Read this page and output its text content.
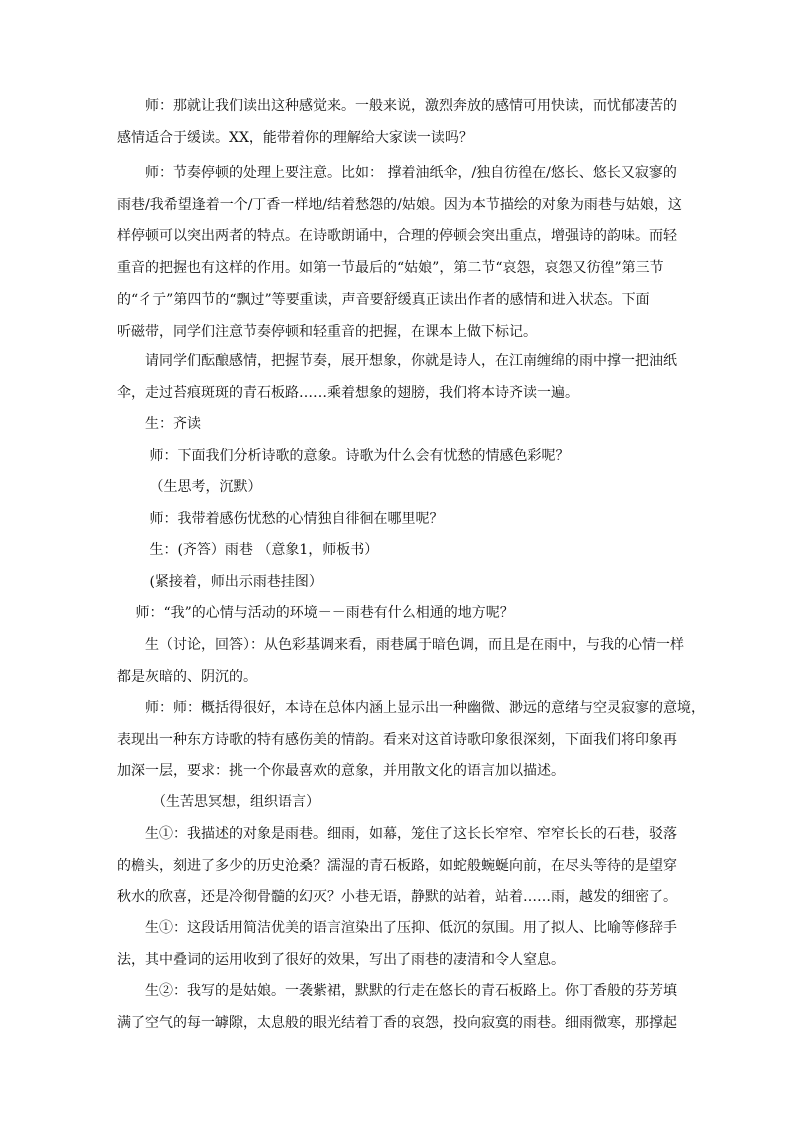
　　师：那就让我们读出这种感觉来。一般来说，激烈奔放的感情可用快读，而忧郁凄苦的
感情适合于缓读。XX，能带着你的理解给大家读一读吗？

　　师：节奏停顿的处理上要注意。比如： 撑着油纸伞，/独自彷徨在/悠长、悠长又寂寥的
雨巷/我希望逢着一个/丁香一样地/结着愁怨的/姑娘。因为本节描绘的对象为雨巷与姑娘，这
样停顿可以突出两者的特点。在诗歌朗诵中，合理的停顿会突出重点，增强诗的韵味。而轻
重音的把握也有这样的作用。如第一节最后的“姑娘”，第二节“哀怨，哀怨又彷徨”第三节
的“彳亍”第四节的“飘过”等要重读，声音要舒缓真正读出作者的感情和进入状态。下面
听磁带，同学们注意节奏停顿和轻重音的把握，在课本上做下标记。

　　请同学们酝酿感情，把握节奏，展开想象，你就是诗人，在江南缠绵的雨中撑一把油纸
伞，走过苔痕斑斑的青石板路……乘着想象的翅膀，我们将本诗齐读一遍。

　　生：齐读

　　 师：下面我们分析诗歌的意象。诗歌为什么会有忧愁的情感色彩呢？

　　 （生思考，沉默）

　　 师：我带着感伤忧愁的心情独自徘徊在哪里呢？

　　 生：(齐答）雨巷 （意象1，师板书）

　　 (紧接着，师出示雨巷挂图）

　 师：“我”的心情与活动的环境－－雨巷有什么相通的地方呢？

　　生（讨论，回答）：从色彩基调来看，雨巷属于暗色调，而且是在雨中，与我的心情一样
都是灰暗的、阴沉的。

　　师：师：概括得很好，本诗在总体内涵上显示出一种幽微、渺远的意绪与空灵寂寥的意境，
表现出一种东方诗歌的特有感伤美的情韵。看来对这首诗歌印象很深刻，下面我们将印象再
加深一层，要求：挑一个你最喜欢的意象，并用散文化的语言加以描述。

　　　（生苦思冥想，组织语言）

　　生①：我描述的对象是雨巷。细雨，如幕，笼住了这长长窄窄、窄窄长长的石巷，驳落
的檐头，刻进了多少的历史沧桑？濡湿的青石板路，如蛇般蜿蜒向前，在尽头等待的是望穿
秋水的欣喜，还是冷彻骨髓的幻灭？小巷无语，静默的站着，站着……雨，越发的细密了。

　　生①：这段话用简洁优美的语言渲染出了压抑、低沉的氛围。用了拟人、比喻等修辞手
法，其中叠词的运用收到了很好的效果，写出了雨巷的凄清和令人窒息。

　　生②：我写的是姑娘。一袭紫裙，默默的行走在悠长的青石板路上。你丁香般的芬芳填
满了空气的每一罅隙，太息般的眼光结着丁香的哀怨，投向寂寞的雨巷。细雨微寒，那撑起
